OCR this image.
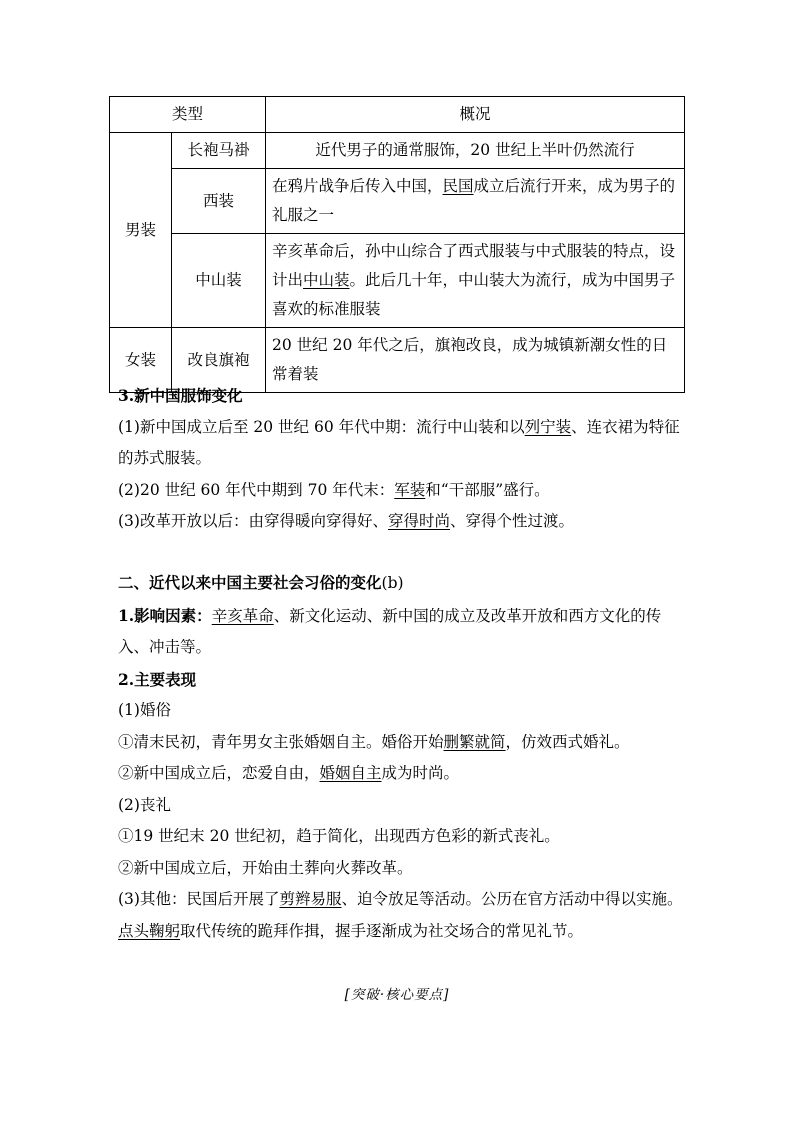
类型		概况
男装	长袍马褂	近代男子的通常服饰，20 世纪上半叶仍然流行
	西装	在鸦片战争后传入中国，民国成立后流行开来，成为男子的礼服之一
	中山装	辛亥革命后，孙中山综合了西式服装与中式服装的特点，设计出中山装。此后几十年，中山装大为流行，成为中国男子喜欢的标准服装
女装	改良旗袍	20 世纪 20 年代之后，旗袍改良，成为城镇新潮女性的日常着装

3.新中国服饰变化

(1)新中国成立后至 20 世纪 60 年代中期：流行中山装和以列宁装、连衣裙为特征的苏式服装。

(2)20 世纪 60 年代中期到 70 年代末：军装和“干部服”盛行。

(3)改革开放以后：由穿得暖向穿得好、穿得时尚、穿得个性过渡。

二、近代以来中国主要社会习俗的变化(b)

1.影响因素：辛亥革命、新文化运动、新中国的成立及改革开放和西方文化的传入、冲击等。

2.主要表现

(1)婚俗

①清末民初，青年男女主张婚姻自主。婚俗开始删繁就简，仿效西式婚礼。

②新中国成立后，恋爱自由，婚姻自主成为时尚。

(2)丧礼

①19 世纪末 20 世纪初，趋于简化，出现西方色彩的新式丧礼。

②新中国成立后，开始由土葬向火葬改革。

(3)其他：民国后开展了剪辫易服、迫令放足等活动。公历在官方活动中得以实施。点头鞠躬取代传统的跪拜作揖，握手逐渐成为社交场合的常见礼节。

[突破·核心要点]
